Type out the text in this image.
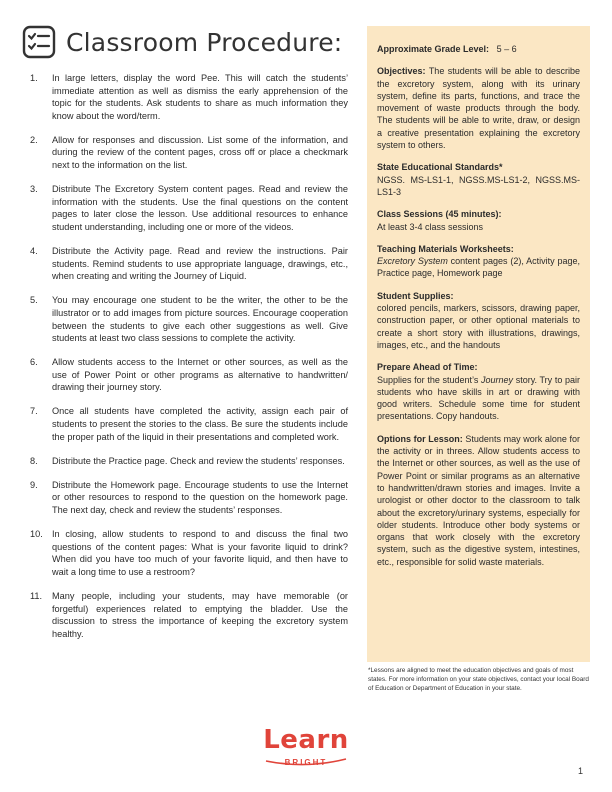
Classroom Procedure:
1.	In large letters, display the word Pee. This will catch the students’ immediate attention as well as dismiss the early apprehension of the topic for the students. Ask students to share as much information they know about the word/term.
2.	Allow for responses and discussion. List some of the information, and during the review of the content pages, cross off or place a checkmark next to the information on the list.
3.	Distribute The Excretory System content pages. Read and review the information with the students. Use the final questions on the content pages to later close the lesson. Use additional resources to enhance student understanding, including one or more of the videos.
4.	Distribute the Activity page. Read and review the instructions. Pair students. Remind students to use appropriate language, drawings, etc., when creating and writing the Journey of Liquid.
5.	You may encourage one student to be the writer, the other to be the illustrator or to add images from picture sources. Encourage cooperation between the students to give each other suggestions as well. Give students at least two class sessions to complete the activity.
6.	Allow students access to the Internet or other sources, as well as the use of Power Point or other programs as alternative to handwritten/ drawing their journey story.
7.	Once all students have completed the activity, assign each pair of students to present the stories to the class. Be sure the students include the proper path of the liquid in their presentations and completed work.
8.	Distribute the Practice page. Check and review the students’ responses.
9.	Distribute the Homework page. Encourage students to use the Internet or other resources to respond to the question on the homework page. The next day, check and review the students’ responses.
10.	In closing, allow students to respond to and discuss the final two questions of the content pages: What is your favorite liquid to drink? When did you have too much of your favorite liquid, and then have to wait a long time to use a restroom?
11.	Many people, including your students, may have memorable (or forgetful) experiences related to emptying the bladder. Use the discussion to stress the importance of keeping the excretory system healthy.
Approximate Grade Level: 5 – 6
Objectives: The students will be able to describe the excretory system, along with its urinary system, define its parts, functions, and trace the movement of waste products through the body. The students will be able to write, draw, or design a creative presentation explaining the excretory system to others.
State Educational Standards*
NGSS. MS-LS1-1, NGSS.MS-LS1-2, NGSS.MS-LS1-3
Class Sessions (45 minutes):
At least 3-4 class sessions
Teaching Materials Worksheets:
Excretory System content pages (2), Activity page, Practice page, Homework page
Student Supplies:
colored pencils, markers, scissors, drawing paper, construction paper, or other optional materials to create a short story with illustrations, drawings, images, etc., and the handouts
Prepare Ahead of Time:
Supplies for the student’s Journey story. Try to pair students who have skills in art or drawing with good writers. Schedule some time for student presentations. Copy handouts.
Options for Lesson: Students may work alone for the activity or in threes. Allow students access to the Internet or other sources, as well as the use of Power Point or similar programs as an alternative to handwritten/drawn stories and images. Invite a urologist or other doctor to the classroom to talk about the excretory/urinary systems, especially for older students. Introduce other body systems or organs that work closely with the excretory system, such as the digestive system, intestines, etc., responsible for solid waste materials.
*Lessons are aligned to meet the education objectives and goals of most states. For more information on your state objectives, contact your local Board of Education or Department of Education in your state.
Learn
BRIGHT
1
